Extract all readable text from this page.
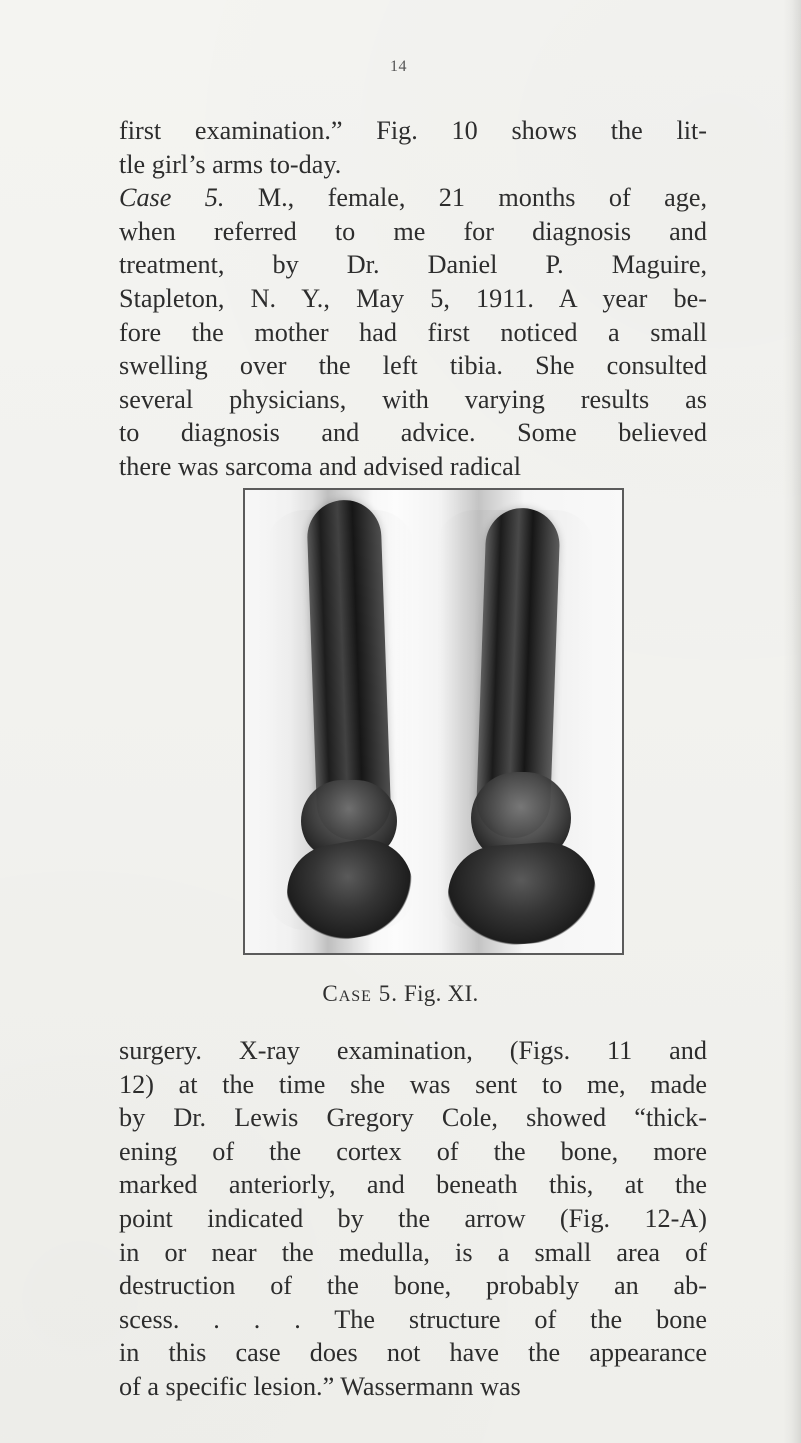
14
first examination.” Fig. 10 shows the lit-
tle girl’s arms to-day.
Case 5. M., female, 21 months of age,
when referred to me for diagnosis and
treatment, by Dr. Daniel P. Maguire,
Stapleton, N. Y., May 5, 1911. A year be-
fore the mother had first noticed a small
swelling over the left tibia. She consulted
several physicians, with varying results as
to diagnosis and advice. Some believed
there was sarcoma and advised radical
Case 5. Fig. XI.
surgery. X-ray examination, (Figs. 11 and
12) at the time she was sent to me, made
by Dr. Lewis Gregory Cole, showed “thick-
ening of the cortex of the bone, more
marked anteriorly, and beneath this, at the
point indicated by the arrow (Fig. 12-A)
in or near the medulla, is a small area of
destruction of the bone, probably an ab-
scess. . . . The structure of the bone
in this case does not have the appearance
of a specific lesion.” Wassermann was
